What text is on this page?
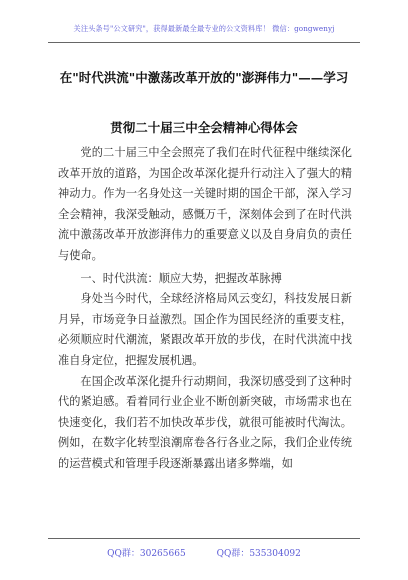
关注头条号"公文研究"，获得最新最全最专业的公文资料库！ 微信：gongwenyj
在"时代洪流"中激荡改革开放的"澎湃伟力"——学习
贯彻二十届三中全会精神心得体会

党的二十届三中全会照亮了我们在时代征程中继续深化改革开放的道路，为国企改革深化提升行动注入了强大的精神动力。作为一名身处这一关键时期的国企干部，深入学习全会精神，我深受触动，感慨万千，深刻体会到了在时代洪流中激荡改革开放澎湃伟力的重要意义以及自身肩负的责任与使命。

一、时代洪流：顺应大势，把握改革脉搏

身处当今时代，全球经济格局风云变幻，科技发展日新月异，市场竞争日益激烈。国企作为国民经济的重要支柱，必须顺应时代潮流，紧跟改革开放的步伐，在时代洪流中找准自身定位，把握发展机遇。

在国企改革深化提升行动期间，我深切感受到了这种时代的紧迫感。看着同行业企业不断创新突破，市场需求也在快速变化，我们若不加快改革步伐，就很可能被时代淘汰。例如，在数字化转型浪潮席卷各行各业之际，我们企业传统的运营模式和管理手段逐渐暴露出诸多弊端，如

QQ群：30265665	QQ群：535304092
